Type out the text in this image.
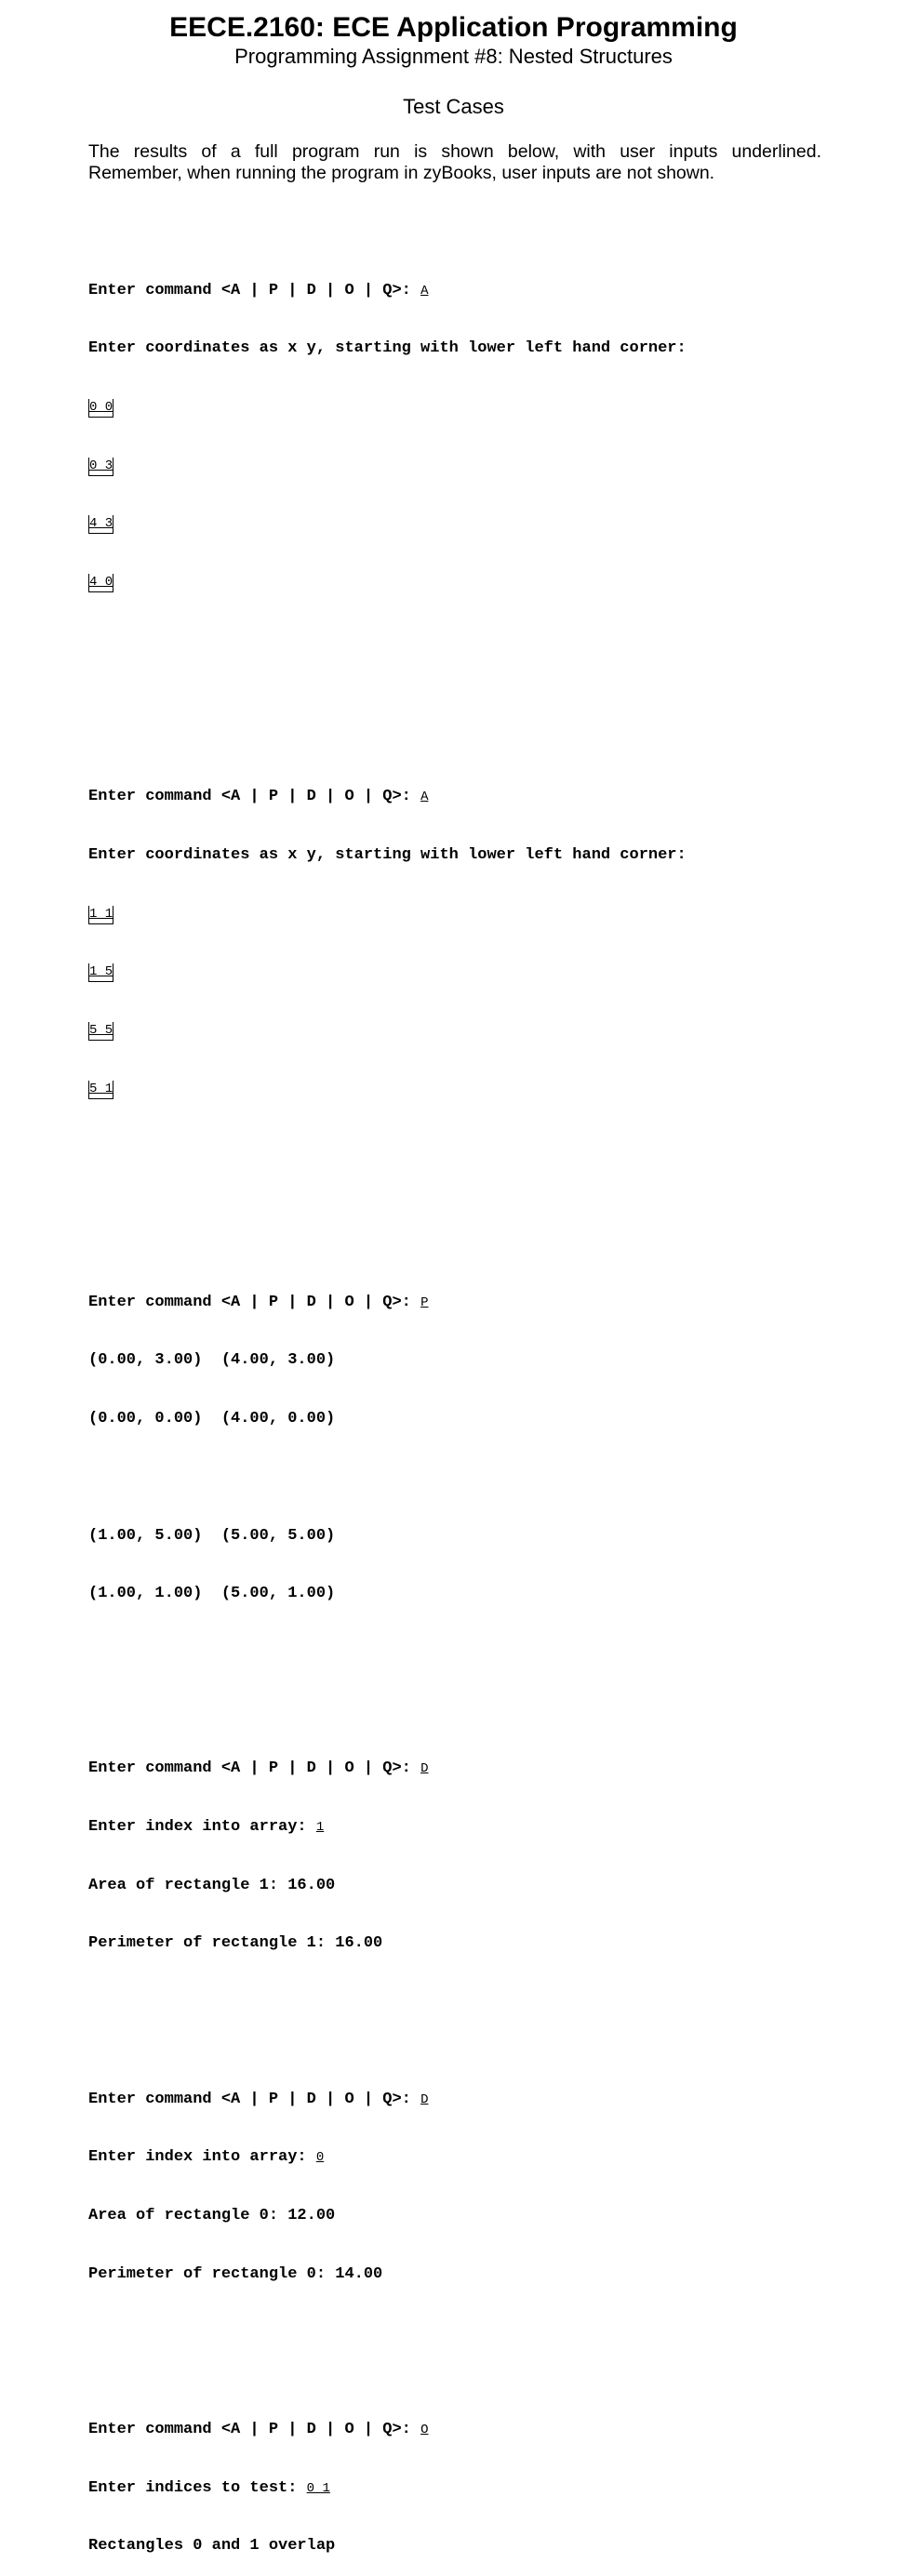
EECE.2160: ECE Application Programming
Programming Assignment #8: Nested Structures
Test Cases
The results of a full program run is shown below, with user inputs underlined.
Remember, when running the program in zyBooks, user inputs are not shown.

Enter command <A | P | D | O | Q>: A

Enter coordinates as x y, starting with lower left hand corner:

0 0

0 3

4 3

4 0

Enter command <A | P | D | O | Q>: A

Enter coordinates as x y, starting with lower left hand corner:

1 1

1 5

5 5

5 1

Enter command <A | P | D | O | Q>: P

(0.00, 3.00)  (4.00, 3.00)

(0.00, 0.00)  (4.00, 0.00)

(1.00, 5.00)  (5.00, 5.00)

(1.00, 1.00)  (5.00, 1.00)

Enter command <A | P | D | O | Q>: D

Enter index into array: 1

Area of rectangle 1: 16.00

Perimeter of rectangle 1: 16.00

Enter command <A | P | D | O | Q>: D

Enter index into array: 0

Area of rectangle 0: 12.00

Perimeter of rectangle 0: 14.00

Enter command <A | P | D | O | Q>: O

Enter indices to test: 0 1

Rectangles 0 and 1 overlap
